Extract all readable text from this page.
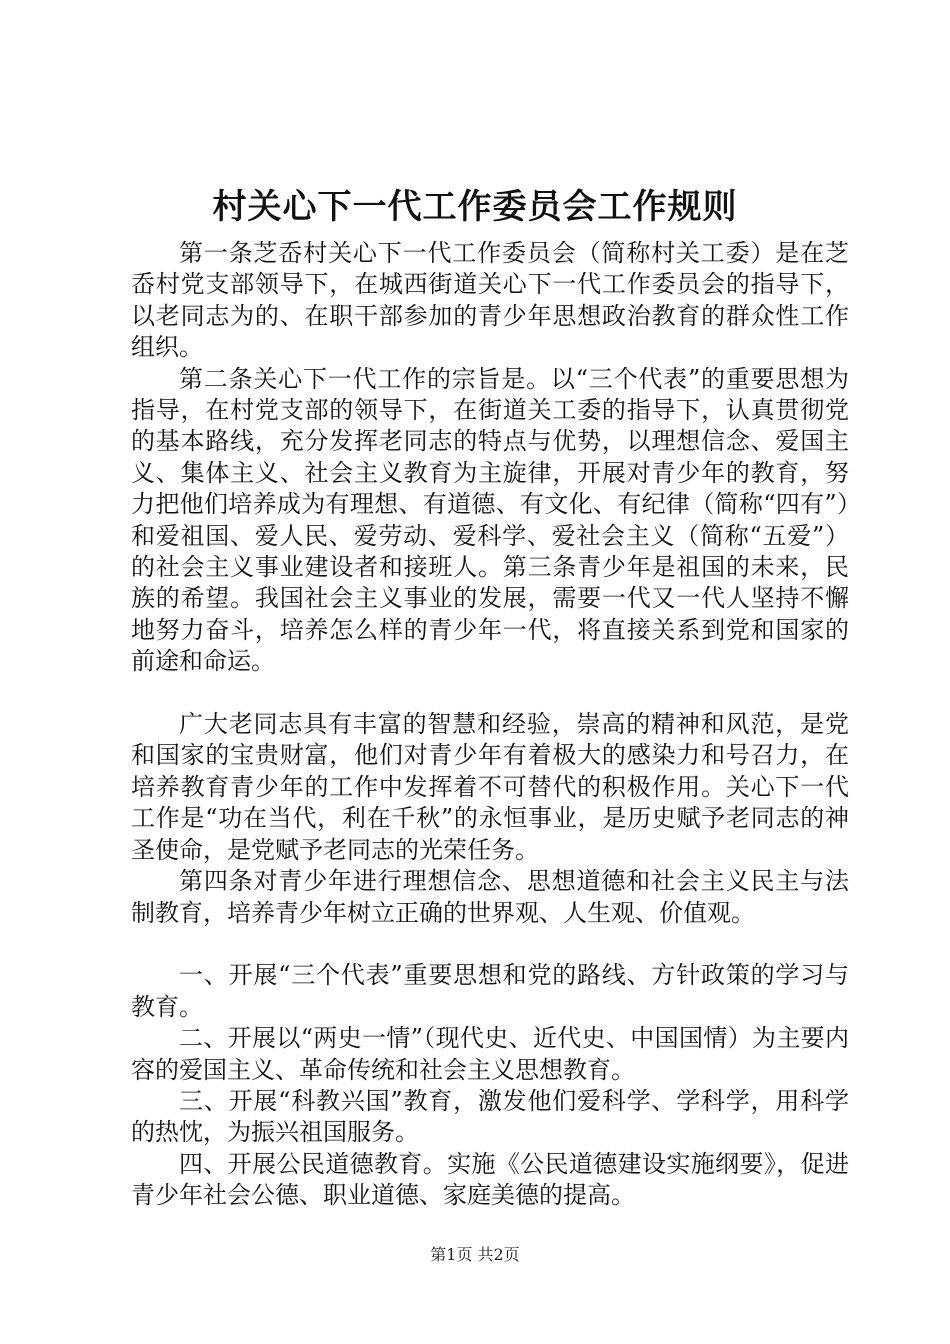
村关心下一代工作委员会工作规则

第一条芝岙村关心下一代工作委员会（简称村关工委）是在芝岙村党支部领导下，在城西街道关心下一代工作委员会的指导下，以老同志为的、在职干部参加的青少年思想政治教育的群众性工作组织。

第二条关心下一代工作的宗旨是。以“三个代表”的重要思想为指导，在村党支部的领导下，在街道关工委的指导下，认真贯彻党的基本路线，充分发挥老同志的特点与优势，以理想信念、爱国主义、集体主义、社会主义教育为主旋律，开展对青少年的教育，努力把他们培养成为有理想、有道德、有文化、有纪律（简称“四有”）和爱祖国、爱人民、爱劳动、爱科学、爱社会主义（简称“五爱”）的社会主义事业建设者和接班人。第三条青少年是祖国的未来，民族的希望。我国社会主义事业的发展，需要一代又一代人坚持不懈地努力奋斗，培养怎么样的青少年一代，将直接关系到党和国家的前途和命运。

广大老同志具有丰富的智慧和经验，崇高的精神和风范，是党和国家的宝贵财富，他们对青少年有着极大的感染力和号召力，在培养教育青少年的工作中发挥着不可替代的积极作用。关心下一代工作是“功在当代，利在千秋”的永恒事业，是历史赋予老同志的神圣使命，是党赋予老同志的光荣任务。

第四条对青少年进行理想信念、思想道德和社会主义民主与法制教育，培养青少年树立正确的世界观、人生观、价值观。

一、开展“三个代表”重要思想和党的路线、方针政策的学习与教育。

二、开展以“两史一情”（现代史、近代史、中国国情）为主要内容的爱国主义、革命传统和社会主义思想教育。

三、开展“科教兴国”教育，激发他们爱科学、学科学，用科学的热忱，为振兴祖国服务。

四、开展公民道德教育。实施《公民道德建设实施纲要》，促进青少年社会公德、职业道德、家庭美德的提高。

第1页 共2页
